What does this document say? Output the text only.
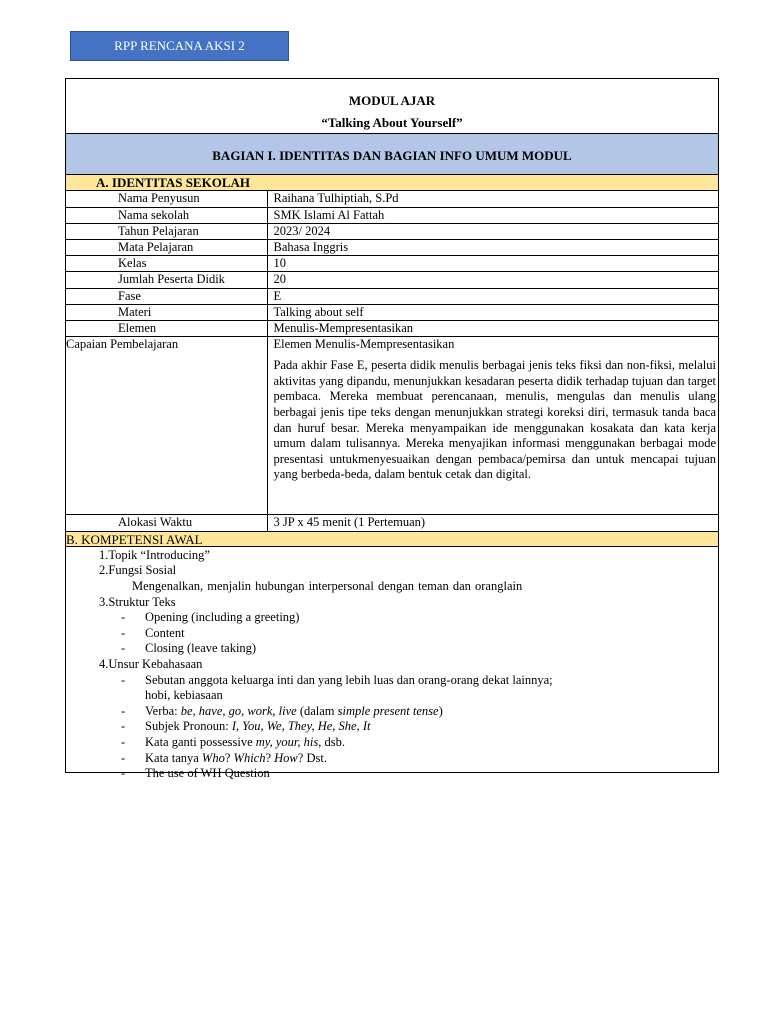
RPP RENCANA AKSI 2
MODUL AJAR
“Talking About Yourself”
BAGIAN I. IDENTITAS DAN BAGIAN INFO UMUM MODUL
A. IDENTITAS SEKOLAH
Nama Penyusun	Raihana Tulhiptiah, S.Pd
Nama sekolah	SMK Islami Al Fattah
Tahun Pelajaran	2023/ 2024
Mata Pelajaran	Bahasa Inggris
Kelas	10
Jumlah Peserta Didik	20
Fase	E
Materi	Talking about self
Elemen	Menulis-Mempresentasikan
Capaian Pembelajaran	Elemen Menulis-Mempresentasikan
Pada akhir Fase E, peserta didik menulis berbagai jenis teks fiksi dan non-fiksi, melalui aktivitas yang dipandu, menunjukkan kesadaran peserta didik terhadap tujuan dan target pembaca. Mereka membuat perencanaan, menulis, mengulas dan menulis ulang berbagai jenis tipe teks dengan menunjukkan strategi koreksi diri, termasuk tanda baca dan huruf besar. Mereka menyampaikan ide menggunakan kosakata dan kata kerja umum dalam tulisannya. Mereka menyajikan informasi menggunakan berbagai mode presentasi untukmenyesuaikan dengan pembaca/pemirsa dan untuk mencapai tujuan yang berbeda-beda, dalam bentuk cetak dan digital.

Alokasi Waktu	3 JP x 45 menit (1 Pertemuan)
B. KOMPETENSI AWAL
1.Topik “Introducing”
2.Fungsi Sosial
Mengenalkan, menjalin hubungan interpersonal dengan teman dan oranglain
3.Struktur Teks
- Opening (including a greeting)
- Content
- Closing (leave taking)
4.Unsur Kebahasaan
- Sebutan anggota keluarga inti dan yang lebih luas dan orang-orang dekat lainnya;
hobi, kebiasaan
- Verba: be, have, go, work, live (dalam simple present tense)
- Subjek Pronoun: I, You, We, They, He, She, It
- Kata ganti possessive my, your, his, dsb.
- Kata tanya Who? Which? How? Dst.
- The use of WH Question
